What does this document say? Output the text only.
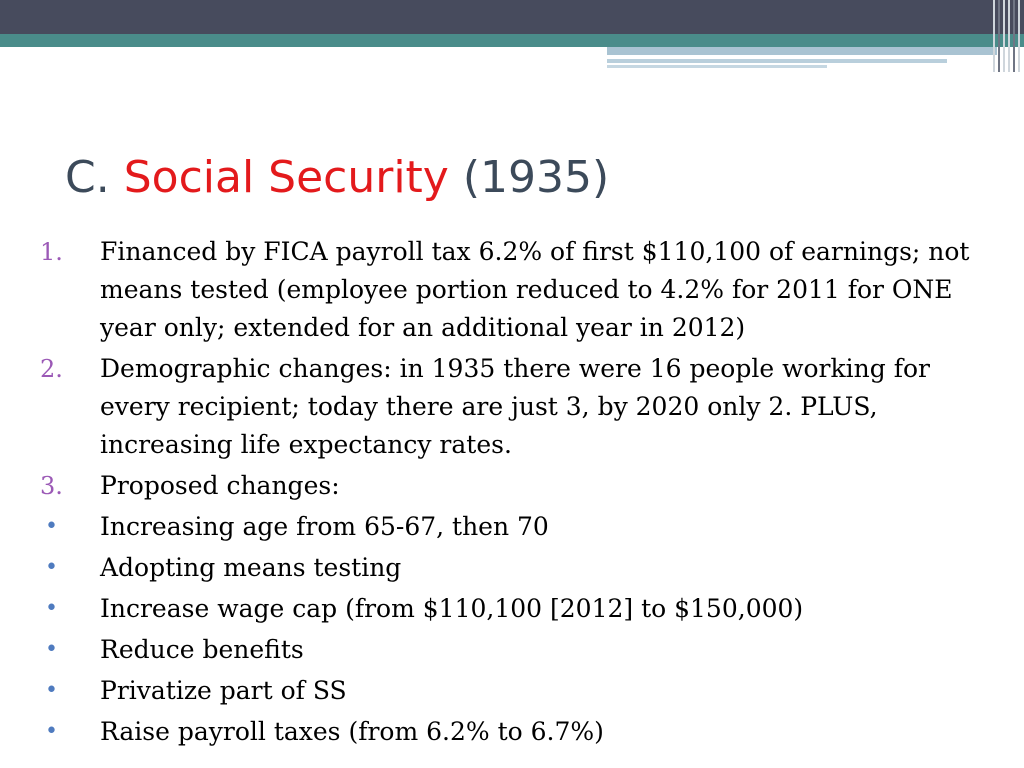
C. Social Security (1935)
1. Financed by FICA payroll tax 6.2% of first $110,100 of earnings; not means tested (employee portion reduced to 4.2% for 2011 for ONE year only; extended for an additional year in 2012)
2. Demographic changes: in 1935 there were 16 people working for every recipient; today there are just 3, by 2020 only 2. PLUS, increasing life expectancy rates.
3. Proposed changes:
• Increasing age from 65-67, then 70
• Adopting means testing
• Increase wage cap (from $110,100 [2012] to $150,000)
• Reduce benefits
• Privatize part of SS
• Raise payroll taxes (from 6.2% to 6.7%)
